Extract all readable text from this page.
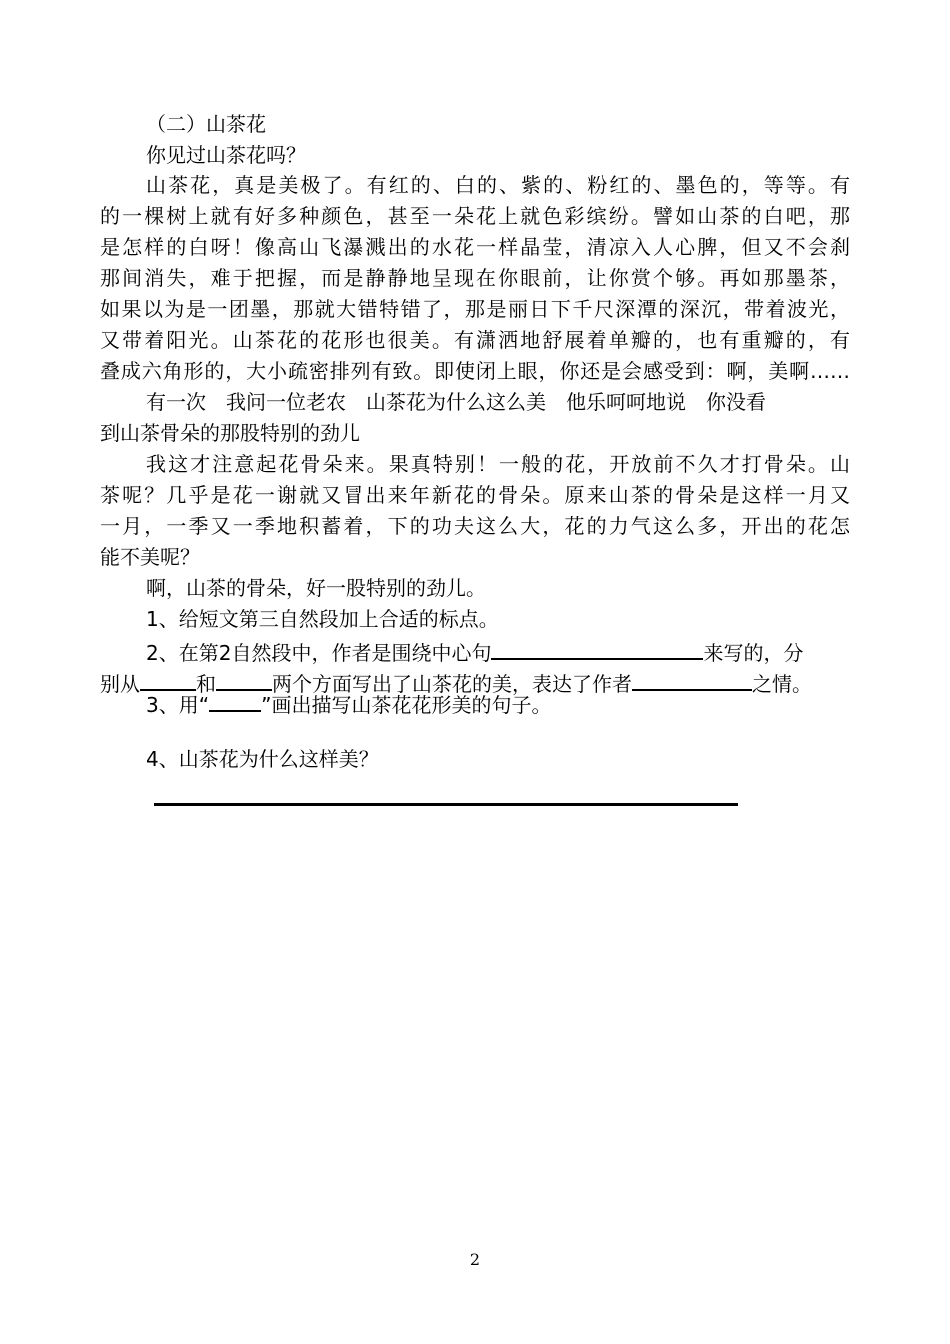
（二）山茶花
你见过山茶花吗？
山茶花，真是美极了。有红的、白的、紫的、粉红的、墨色的，等等。有
的一棵树上就有好多种颜色，甚至一朵花上就色彩缤纷。譬如山茶的白吧，那
是怎样的白呀！像高山飞瀑溅出的水花一样晶莹，清凉入人心脾，但又不会刹
那间消失，难于把握，而是静静地呈现在你眼前，让你赏个够。再如那墨茶，
如果以为是一团墨，那就大错特错了，那是丽日下千尺深潭的深沉，带着波光，
又带着阳光。山茶花的花形也很美。有潇洒地舒展着单瓣的，也有重瓣的，有
叠成六角形的，大小疏密排列有致。即使闭上眼，你还是会感受到：啊，美啊……
有一次　我问一位老农　山茶花为什么这么美　他乐呵呵地说　你没看
到山茶骨朵的那股特别的劲儿
我这才注意起花骨朵来。果真特别！一般的花，开放前不久才打骨朵。山
茶呢？几乎是花一谢就又冒出来年新花的骨朵。原来山茶的骨朵是这样一月又
一月，一季又一季地积蓄着，下的功夫这么大，花的力气这么多，开出的花怎
能不美呢？
啊，山茶的骨朵，好一股特别的劲儿。
1、给短文第三自然段加上合适的标点。
2、在第2自然段中，作者是围绕中心句	来写的，分
别从	和	两个方面写出了山茶花的美，表达了作者	之情。
3、用“	”画出描写山茶花花形美的句子。
4、山茶花为什么这样美？
2
